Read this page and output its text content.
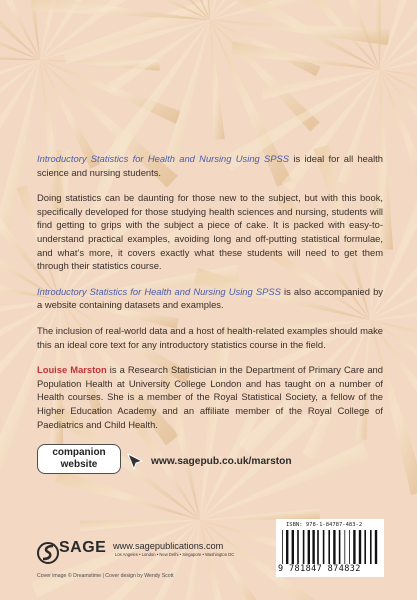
Introductory Statistics for Health and Nursing Using SPSS is ideal for all health science and nursing students.

Doing statistics can be daunting for those new to the subject, but with this book, specifically developed for those studying health sciences and nursing, students will find getting to grips with the subject a piece of cake. It is packed with easy-to-understand practical examples, avoiding long and off-putting statistical formulae, and what’s more, it covers exactly what these students will need to get them through their statistics course.

Introductory Statistics for Health and Nursing Using SPSS is also accompanied by a website containing datasets and examples.

The inclusion of real-world data and a host of health-related examples should make this an ideal core text for any introductory statistics course in the field.

Louise Marston is a Research Statistician in the Department of Primary Care and Population Health at University College London and has taught on a number of Health courses. She is a member of the Royal Statistical Society, a fellow of the Higher Education Academy and an affiliate member of the Royal College of Paediatrics and Child Health.

companion
website	www.sagepub.co.uk/marston
SAGE www.sagepublications.com
Los Angeles • London • New Delhi • Singapore • Washington DC
Cover image © Dreamstime | Cover design by Wendy Scott
ISBN: 978-1-84787-483-2
9 781847 874832
